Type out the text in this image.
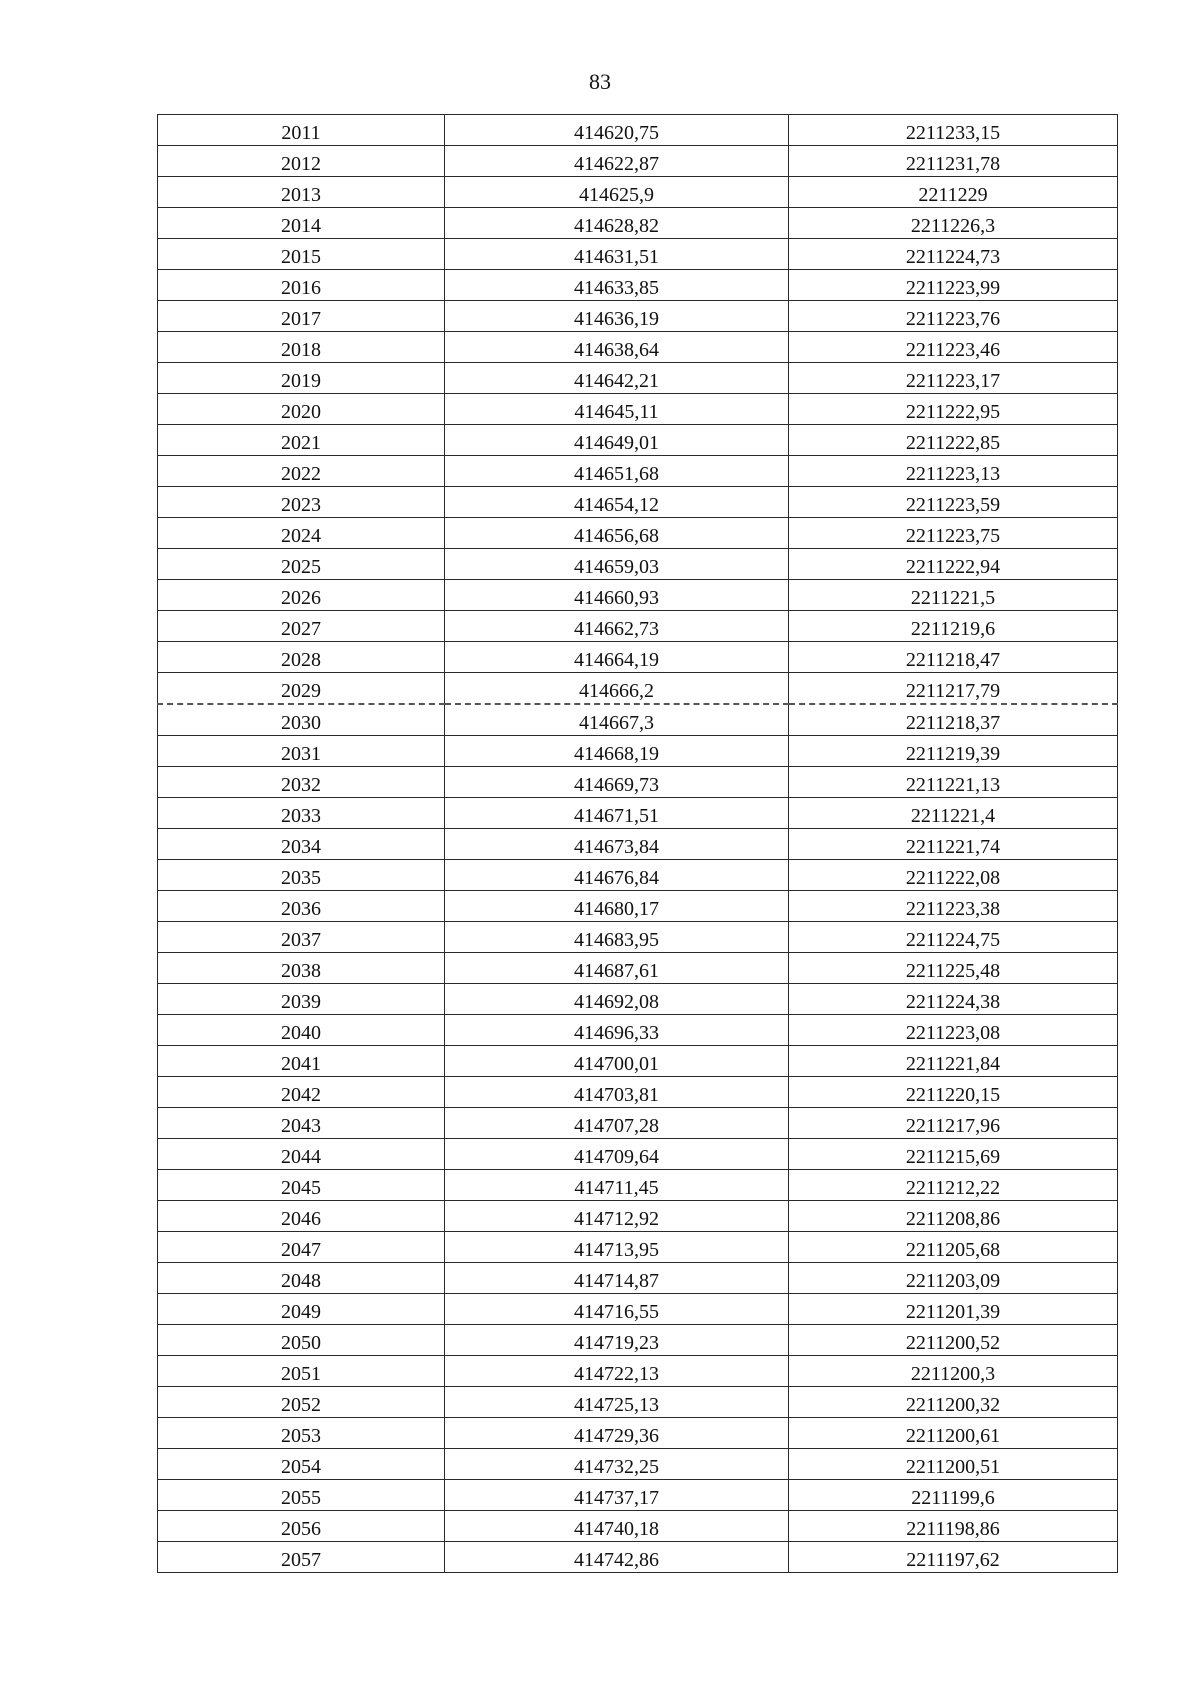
83
2011	414620,75	2211233,15
2012	414622,87	2211231,78
2013	414625,9	2211229
2014	414628,82	2211226,3
2015	414631,51	2211224,73
2016	414633,85	2211223,99
2017	414636,19	2211223,76
2018	414638,64	2211223,46
2019	414642,21	2211223,17
2020	414645,11	2211222,95
2021	414649,01	2211222,85
2022	414651,68	2211223,13
2023	414654,12	2211223,59
2024	414656,68	2211223,75
2025	414659,03	2211222,94
2026	414660,93	2211221,5
2027	414662,73	2211219,6
2028	414664,19	2211218,47
2029	414666,2	2211217,79
2030	414667,3	2211218,37
2031	414668,19	2211219,39
2032	414669,73	2211221,13
2033	414671,51	2211221,4
2034	414673,84	2211221,74
2035	414676,84	2211222,08
2036	414680,17	2211223,38
2037	414683,95	2211224,75
2038	414687,61	2211225,48
2039	414692,08	2211224,38
2040	414696,33	2211223,08
2041	414700,01	2211221,84
2042	414703,81	2211220,15
2043	414707,28	2211217,96
2044	414709,64	2211215,69
2045	414711,45	2211212,22
2046	414712,92	2211208,86
2047	414713,95	2211205,68
2048	414714,87	2211203,09
2049	414716,55	2211201,39
2050	414719,23	2211200,52
2051	414722,13	2211200,3
2052	414725,13	2211200,32
2053	414729,36	2211200,61
2054	414732,25	2211200,51
2055	414737,17	2211199,6
2056	414740,18	2211198,86
2057	414742,86	2211197,62
